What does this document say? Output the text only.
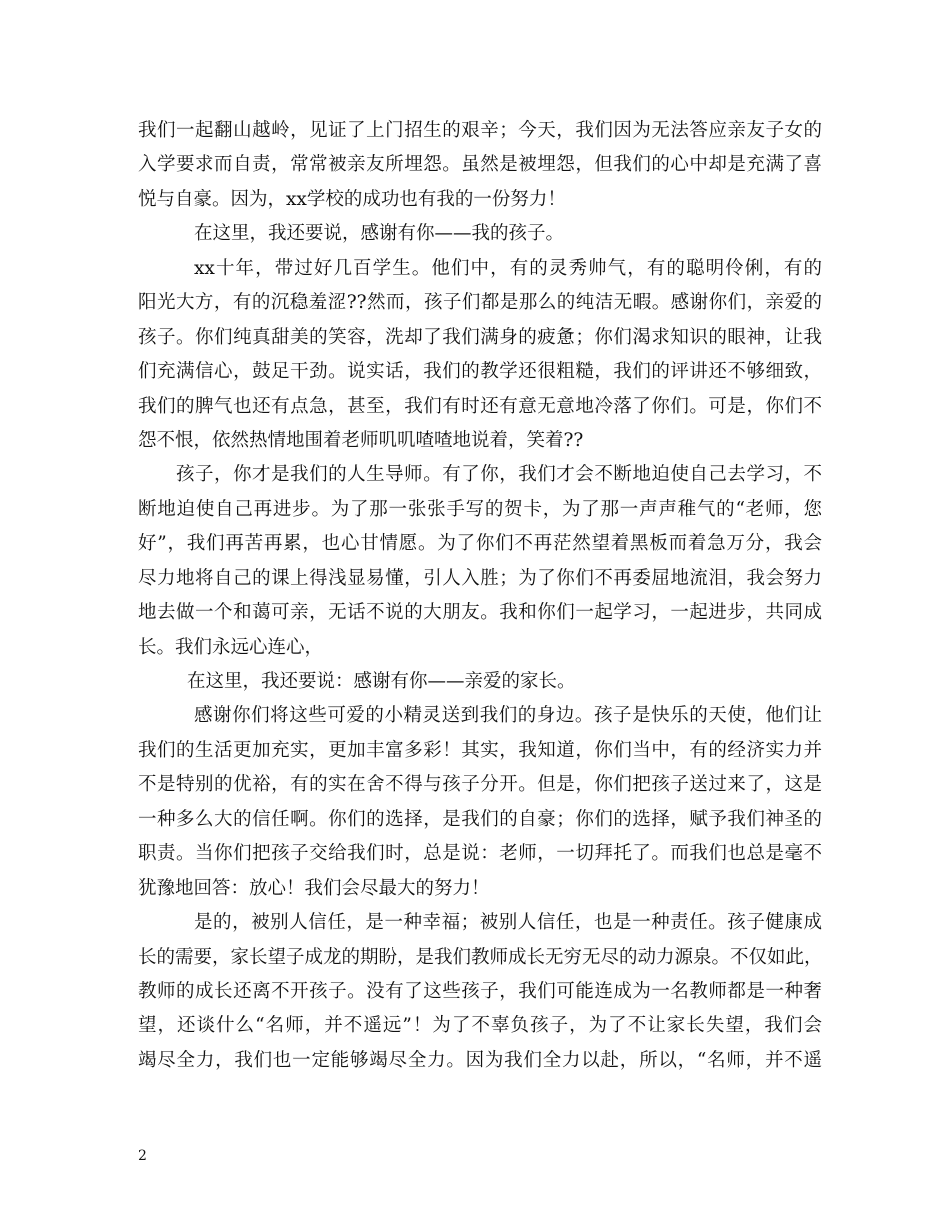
我们一起翻山越岭，见证了上门招生的艰辛；今天，我们因为无法答应亲友子女的
入学要求而自责，常常被亲友所埋怨。虽然是被埋怨，但我们的心中却是充满了喜
悦与自豪。因为，xx学校的成功也有我的一份努力！
在这里，我还要说，感谢有你——我的孩子。
xx十年，带过好几百学生。他们中，有的灵秀帅气，有的聪明伶俐，有的
阳光大方，有的沉稳羞涩??然而，孩子们都是那么的纯洁无暇。感谢你们，亲爱的
孩子。你们纯真甜美的笑容，洗却了我们满身的疲惫；你们渴求知识的眼神，让我
们充满信心，鼓足干劲。说实话，我们的教学还很粗糙，我们的评讲还不够细致，
我们的脾气也还有点急，甚至，我们有时还有意无意地冷落了你们。可是，你们不
怨不恨，依然热情地围着老师叽叽喳喳地说着，笑着??
孩子，你才是我们的人生导师。有了你，我们才会不断地迫使自己去学习，不
断地迫使自己再进步。为了那一张张手写的贺卡，为了那一声声稚气的“老师，您
好”，我们再苦再累，也心甘情愿。为了你们不再茫然望着黑板而着急万分，我会
尽力地将自己的课上得浅显易懂，引人入胜；为了你们不再委屈地流泪，我会努力
地去做一个和蔼可亲，无话不说的大朋友。我和你们一起学习，一起进步，共同成
长。我们永远心连心，
在这里，我还要说：感谢有你——亲爱的家长。
感谢你们将这些可爱的小精灵送到我们的身边。孩子是快乐的天使，他们让
我们的生活更加充实，更加丰富多彩！其实，我知道，你们当中，有的经济实力并
不是特别的优裕，有的实在舍不得与孩子分开。但是，你们把孩子送过来了，这是
一种多么大的信任啊。你们的选择，是我们的自豪；你们的选择，赋予我们神圣的
职责。当你们把孩子交给我们时，总是说：老师，一切拜托了。而我们也总是毫不
犹豫地回答：放心！我们会尽最大的努力！
是的，被别人信任，是一种幸福；被别人信任，也是一种责任。孩子健康成
长的需要，家长望子成龙的期盼，是我们教师成长无穷无尽的动力源泉。不仅如此，
教师的成长还离不开孩子。没有了这些孩子，我们可能连成为一名教师都是一种奢
望，还谈什么“名师，并不遥远”！为了不辜负孩子，为了不让家长失望，我们会
竭尽全力，我们也一定能够竭尽全力。因为我们全力以赴，所以，“名师，并不遥
2
